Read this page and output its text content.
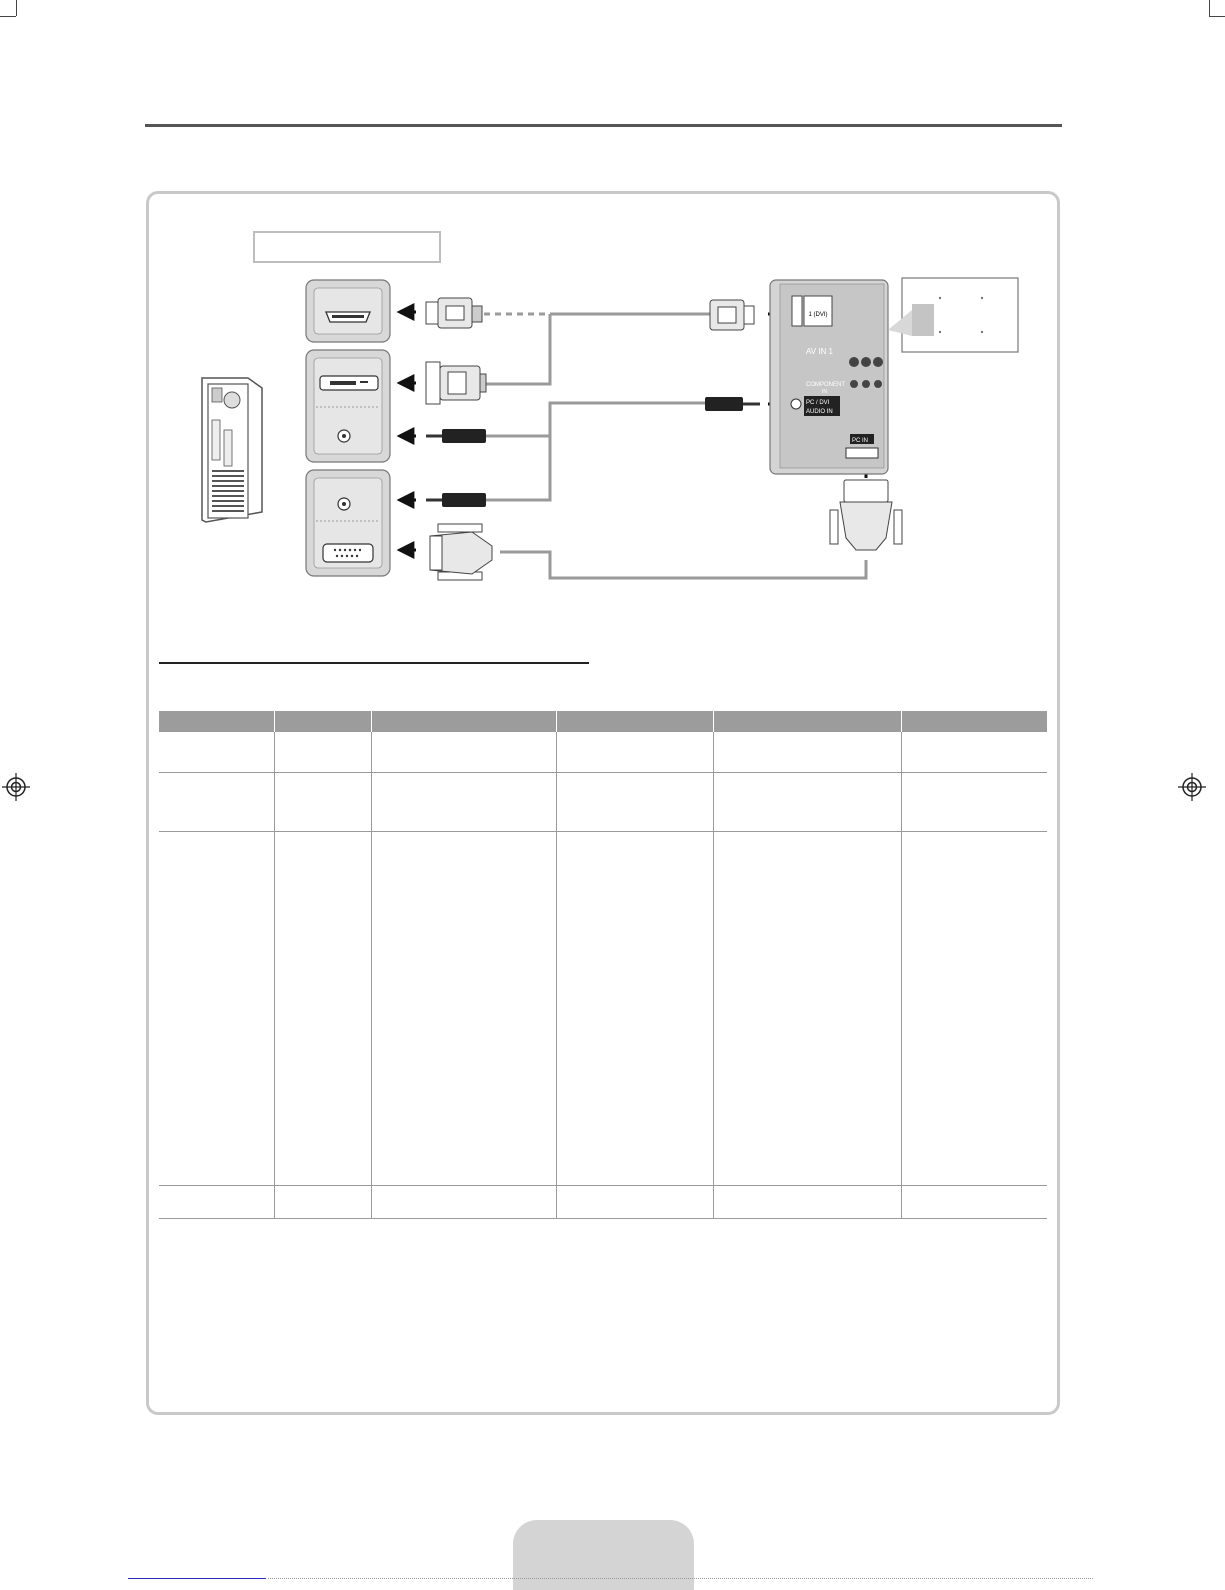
1 (DVI)
AV IN 1
COMPONENT
IN
PC / DVI
AUDIO IN
PC IN
